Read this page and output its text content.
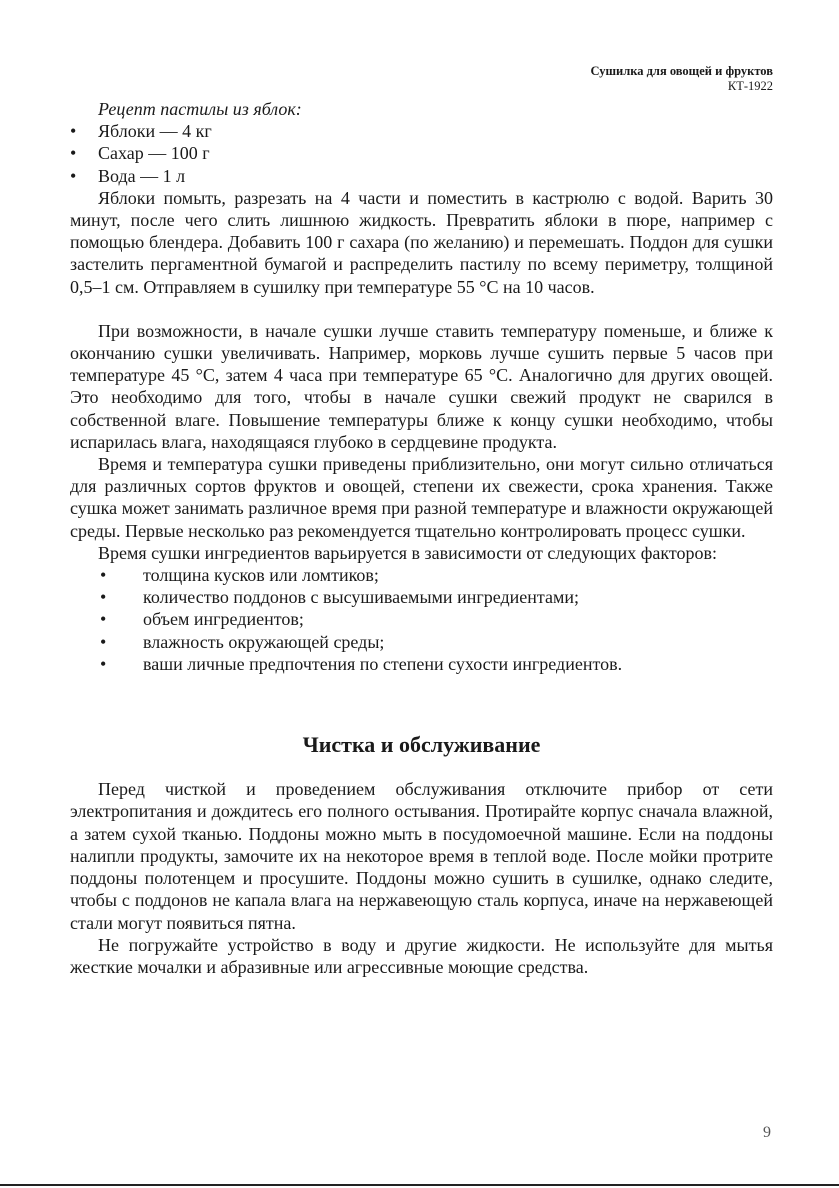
Сушилка для овощей и фруктов
КТ-1922

Рецепт пастилы из яблок:

• Яблоки — 4 кг
• Сахар — 100 г
• Вода — 1 л

Яблоки помыть, разрезать на 4 части и поместить в кастрюлю с водой. Варить 30 минут, после чего слить лишнюю жидкость. Превратить яблоки в пюре, например с помощью блендера. Добавить 100 г сахара (по желанию) и перемешать. Поддон для сушки застелить пергаментной бумагой и распределить пастилу по всему периметру, толщиной 0,5–1 см. Отправляем в сушилку при температуре 55 °С на 10 часов.

При возможности, в начале сушки лучше ставить температуру поменьше, и ближе к окончанию сушки увеличивать. Например, морковь лучше сушить первые 5 часов при температуре 45 °С, затем 4 часа при температуре 65 °С. Аналогично для других овощей. Это необходимо для того, чтобы в начале сушки свежий продукт не сварился в собственной влаге. Повышение температуры ближе к концу сушки необходимо, чтобы испарилась влага, находящаяся глубоко в сердцевине продукта.

Время и температура сушки приведены приблизительно, они могут сильно отличаться для различных сортов фруктов и овощей, степени их свежести, срока хранения. Также сушка может занимать различное время при разной температуре и влажности окружающей среды. Первые несколько раз рекомендуется тщательно контролировать процесс сушки.

Время сушки ингредиентов варьируется в зависимости от следующих факторов:

• толщина кусков или ломтиков;
• количество поддонов с высушиваемыми ингредиентами;
• объем ингредиентов;
• влажность окружающей среды;
• ваши личные предпочтения по степени сухости ингредиентов.
Чистка и обслуживание

Перед чисткой и проведением обслуживания отключите прибор от сети электропитания и дождитесь его полного остывания. Протирайте корпус сначала влажной, а затем сухой тканью. Поддоны можно мыть в посудомоечной машине. Если на поддоны налипли продукты, замочите их на некоторое время в теплой воде. После мойки протрите поддоны полотенцем и просушите. Поддоны можно сушить в сушилке, однако следите, чтобы с поддонов не капала влага на нержавеющую сталь корпуса, иначе на нержавеющей стали могут появиться пятна.

Не погружайте устройство в воду и другие жидкости. Не используйте для мытья жесткие мочалки и абразивные или агрессивные моющие средства.

9
